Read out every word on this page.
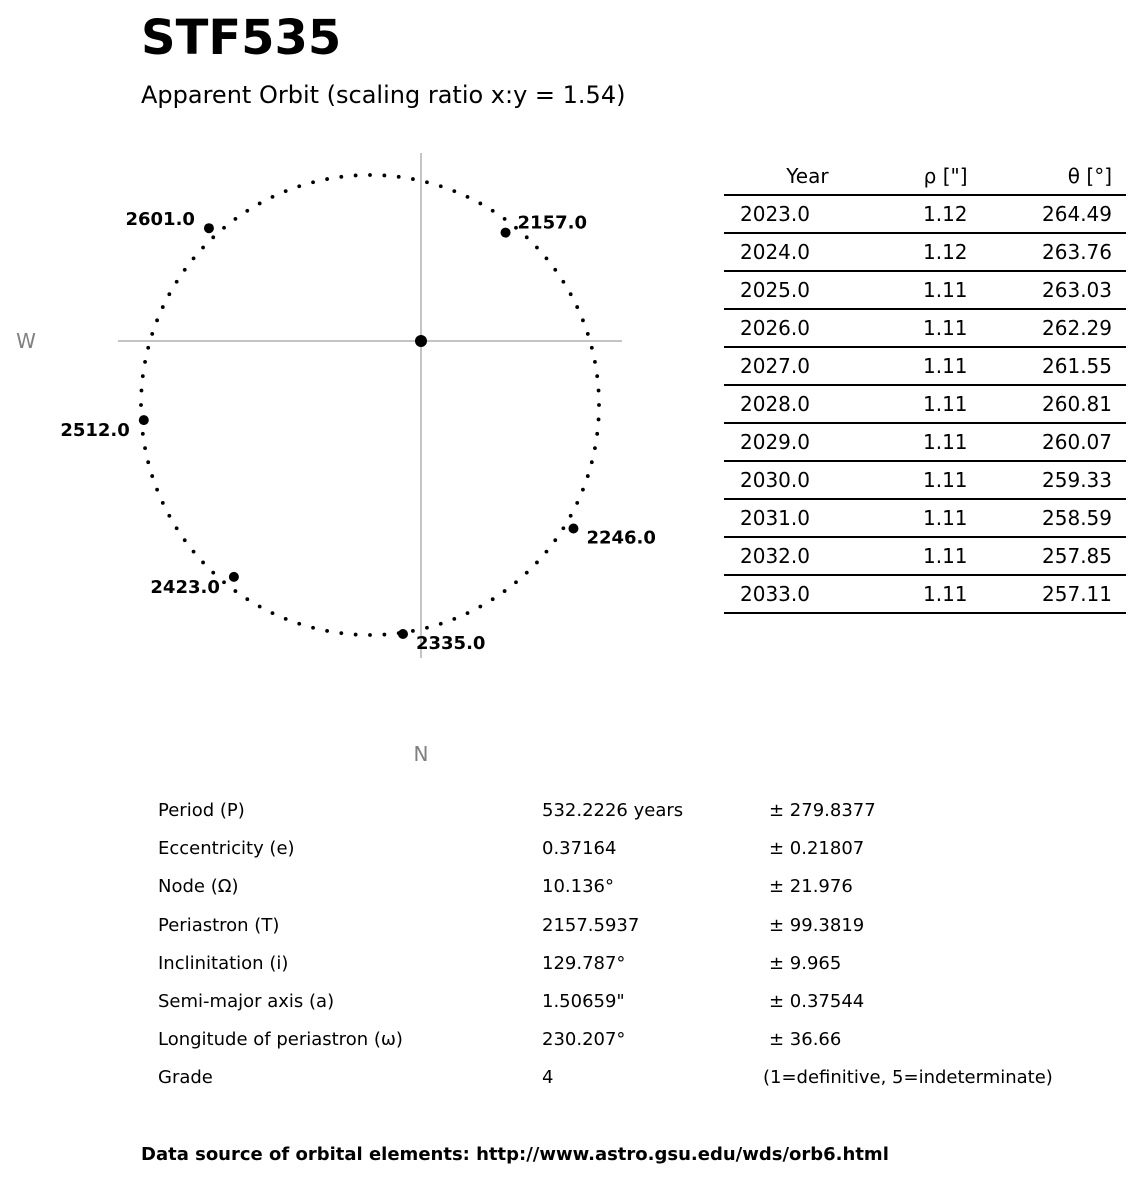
STF535
Apparent Orbit (scaling ratio x:y = 1.54)
2157.0
2246.0
2335.0
2423.0
2512.0
2601.0
W
N
Year	ρ ["]	θ [°]
2023.0	1.12	264.49
2024.0	1.12	263.76
2025.0	1.11	263.03
2026.0	1.11	262.29
2027.0	1.11	261.55
2028.0	1.11	260.81
2029.0	1.11	260.07
2030.0	1.11	259.33
2031.0	1.11	258.59
2032.0	1.11	257.85
2033.0	1.11	257.11
Period (P)	532.2226 years	± 279.8377
Eccentricity (e)	0.37164	± 0.21807
Node (Ω)	10.136°	± 21.976
Periastron (T)	2157.5937	± 99.3819
Inclinitation (i)	129.787°	± 9.965
Semi-major axis (a)	1.50659"	± 0.37544
Longitude of periastron (ω)	230.207°	± 36.66
Grade	4	(1=definitive, 5=indeterminate)
Data source of orbital elements: http://www.astro.gsu.edu/wds/orb6.html
